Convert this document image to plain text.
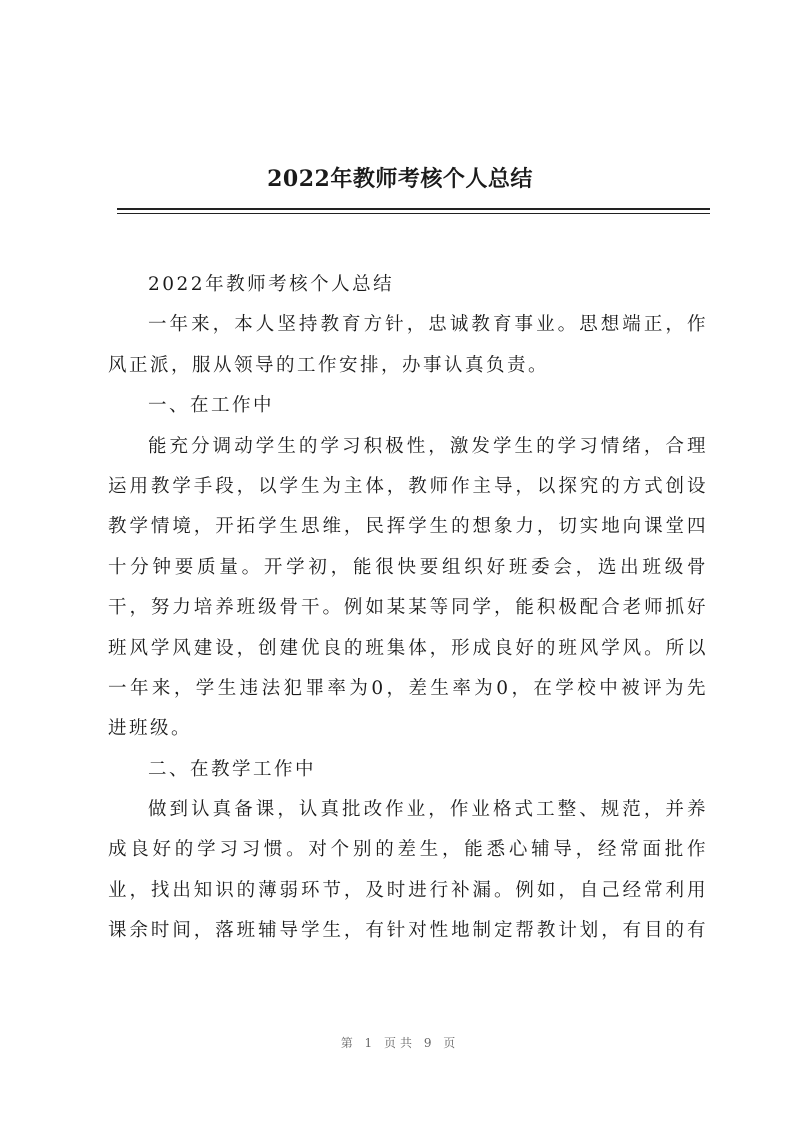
2022年教师考核个人总结
2022年教师考核个人总结
一年来，本人坚持教育方针，忠诚教育事业。思想端正，作
风正派，服从领导的工作安排，办事认真负责。
一、在工作中
能充分调动学生的学习积极性，激发学生的学习情绪，合理
运用教学手段，以学生为主体，教师作主导，以探究的方式创设
教学情境，开拓学生思维，民挥学生的想象力，切实地向课堂四
十分钟要质量。开学初，能很快要组织好班委会，选出班级骨
干，努力培养班级骨干。例如某某等同学，能积极配合老师抓好
班风学风建设，创建优良的班集体，形成良好的班风学风。所以
一年来，学生违法犯罪率为0，差生率为0，在学校中被评为先
进班级。
二、在教学工作中
做到认真备课，认真批改作业，作业格式工整、规范，并养
成良好的学习习惯。对个别的差生，能悉心辅导，经常面批作
业，找出知识的薄弱环节，及时进行补漏。例如，自己经常利用
课余时间，落班辅导学生，有针对性地制定帮教计划，有目的有
第 1 页共 9 页
